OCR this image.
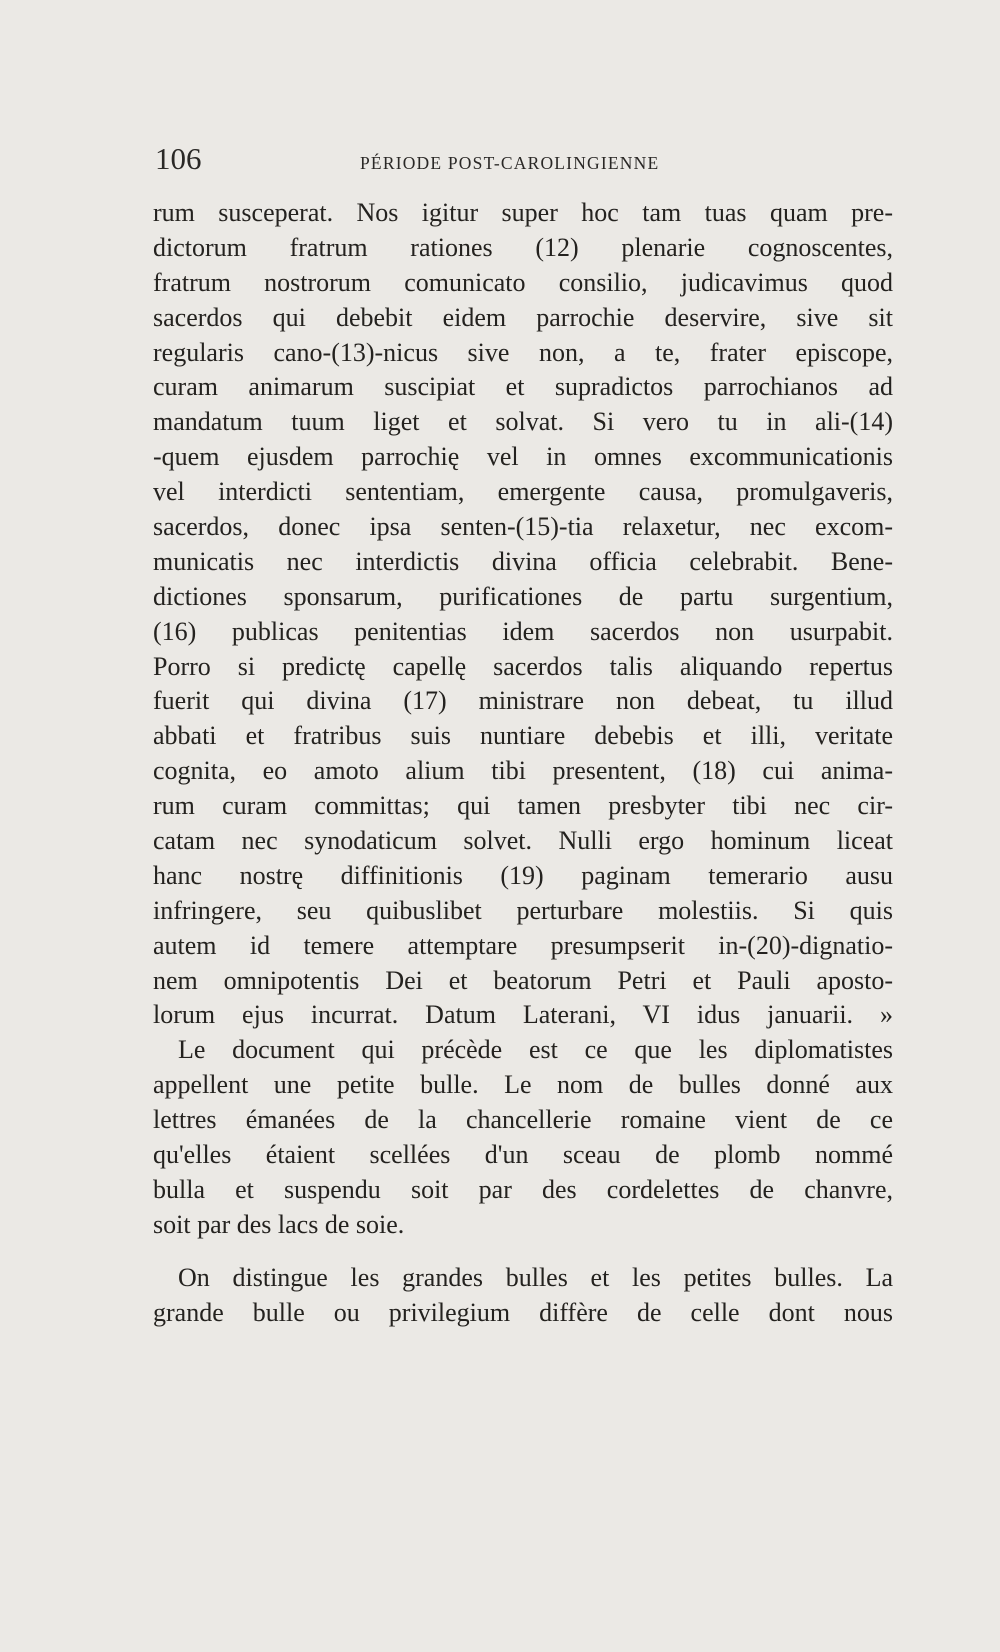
106	PÉRIODE POST-CAROLINGIENNE
rum susceperat. Nos igitur super hoc tam tuas quam pre-
dictorum fratrum rationes (12) plenarie cognoscentes,
fratrum nostrorum comunicato consilio, judicavimus quod
sacerdos qui debebit eidem parrochie deservire, sive sit
regularis cano-(13)-nicus sive non, a te, frater episcope,
curam animarum suscipiat et supradictos parrochianos ad
mandatum tuum liget et solvat. Si vero tu in ali-(14)
-quem ejusdem parrochię vel in omnes excommunicationis
vel interdicti sententiam, emergente causa, promulgaveris,
sacerdos, donec ipsa senten-(15)-tia relaxetur, nec excom-
municatis nec interdictis divina officia celebrabit. Bene-
dictiones sponsarum, purificationes de partu surgentium,
(16) publicas penitentias idem sacerdos non usurpabit.
Porro si predictę capellę sacerdos talis aliquando repertus
fuerit qui divina (17) ministrare non debeat, tu illud
abbati et fratribus suis nuntiare debebis et illi, veritate
cognita, eo amoto alium tibi presentent, (18) cui anima-
rum curam committas; qui tamen presbyter tibi nec cir-
catam nec synodaticum solvet. Nulli ergo hominum liceat
hanc nostrę diffinitionis (19) paginam temerario ausu
infringere, seu quibuslibet perturbare molestiis. Si quis
autem id temere attemptare presumpserit in-(20)-dignatio-
nem omnipotentis Dei et beatorum Petri et Pauli aposto-
lorum ejus incurrat. Datum Laterani, VI idus januarii. »
Le document qui précède est ce que les diplomatistes
appellent une petite bulle. Le nom de bulles donné aux
lettres émanées de la chancellerie romaine vient de ce
qu'elles étaient scellées d'un sceau de plomb nommé
bulla et suspendu soit par des cordelettes de chanvre,
soit par des lacs de soie.
On distingue les grandes bulles et les petites bulles. La
grande bulle ou privilegium diffère de celle dont nous
